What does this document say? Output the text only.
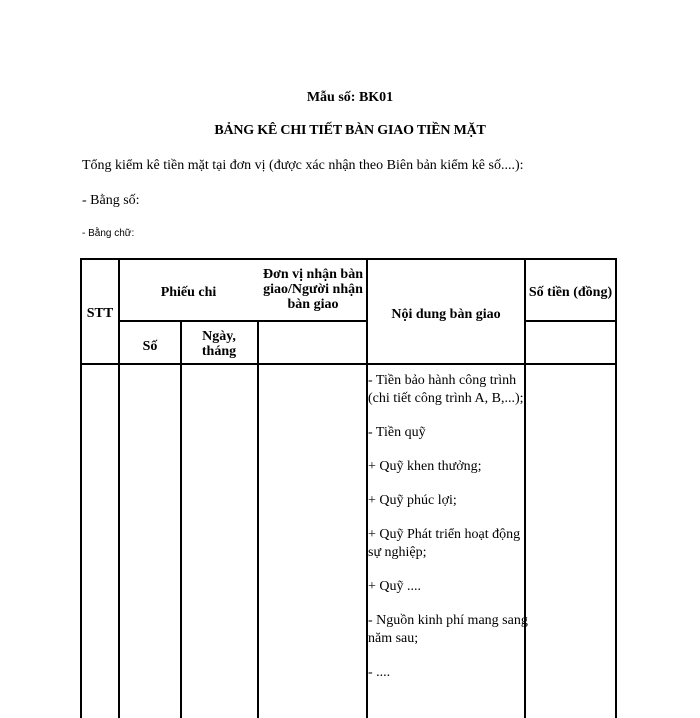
Mẫu số: BK01
BẢNG KÊ CHI TIẾT BÀN GIAO TIỀN MẶT
Tổng kiểm kê tiền mặt tại đơn vị (được xác nhận theo Biên bản kiểm kê số....):
- Bằng số:
- Bằng chữ:
STT
Phiếu chi
Số
Ngày, tháng
Đơn vị nhận bàn giao/Người nhận bàn giao
Nội dung bàn giao
Số tiền (đồng)
- Tiền bảo hành công trình (chi tiết công trình A, B,...);
- Tiền quỹ
+ Quỹ khen thưởng;
+ Quỹ phúc lợi;
+ Quỹ Phát triển hoạt động sự nghiệp;
+ Quỹ ....
- Nguồn kinh phí mang sang năm sau;
- ....
